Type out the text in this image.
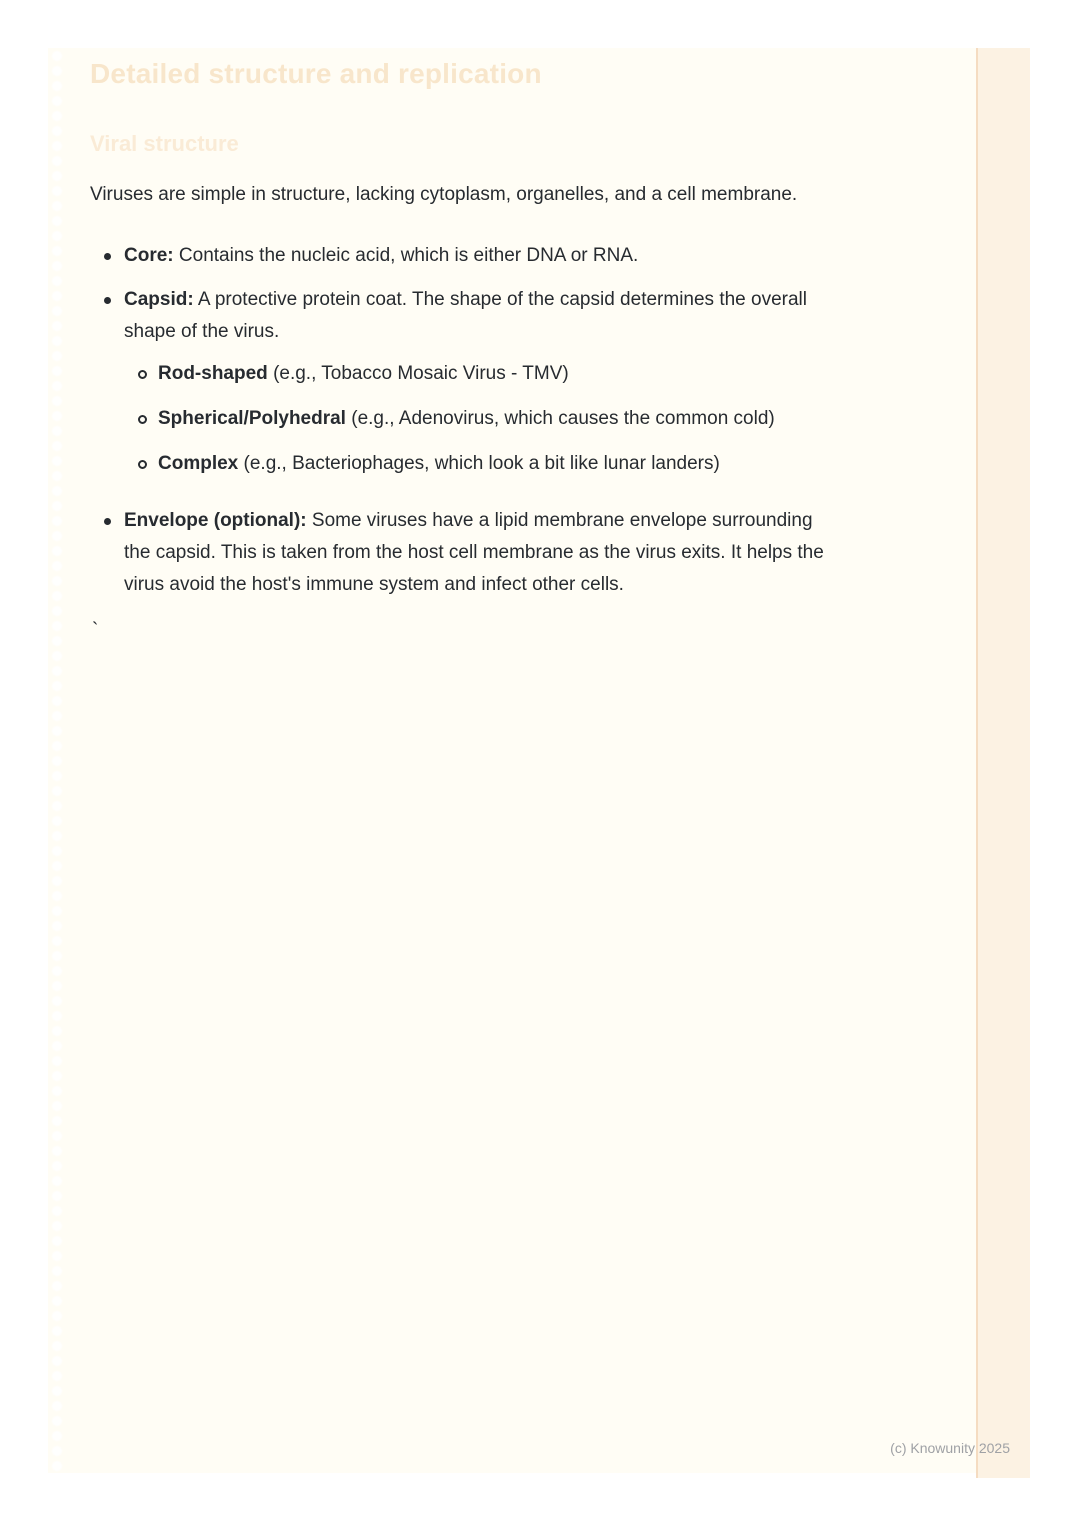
Detailed structure and replication
Viral structure

Viruses are simple in structure, lacking cytoplasm, organelles, and a cell membrane.

Core: Contains the nucleic acid, which is either DNA or RNA.
Capsid: A protective protein coat. The shape of the capsid determines the overall shape of the virus.
Rod-shaped (e.g., Tobacco Mosaic Virus - TMV)
Spherical/Polyhedral (e.g., Adenovirus, which causes the common cold)
Complex (e.g., Bacteriophages, which look a bit like lunar landers)
Envelope (optional): Some viruses have a lipid membrane envelope surrounding the capsid. This is taken from the host cell membrane as the virus exits. It helps the virus avoid the host's immune system and infect other cells.

`

(c) Knowunity 2025
